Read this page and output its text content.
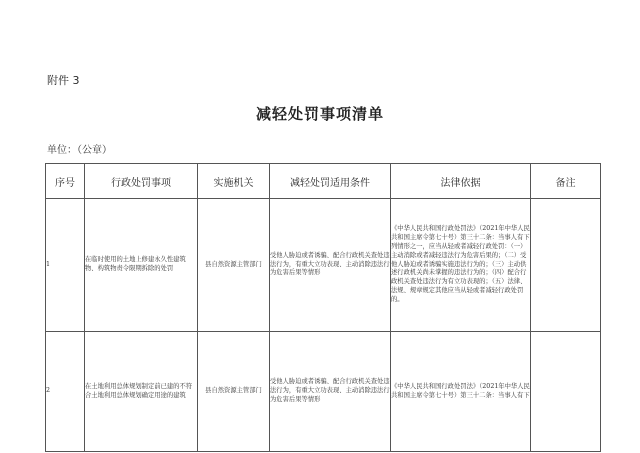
附件 3
减轻处罚事项清单
单位：（公章）
序号	行政处罚事项	实施机关	减轻处罚适用条件	法律依据	备注
1	在临时使用的土地上修建永久性建筑物、构筑物责令限期拆除的处罚	县自然资源主管部门	受他人胁迫或者诱骗、配合行政机关查处违法行为，有重大立功表现、主动消除违法行为危害后果等情形	《中华人民共和国行政处罚法》（2021年中华人民共和国主席令第七十号）第三十二条：当事人有下列情形之一，应当从轻或者减轻行政处罚：（一）主动消除或者减轻违法行为危害后果的；（二）受他人胁迫或者诱骗实施违法行为的；（三）主动供述行政机关尚未掌握的违法行为的；（四）配合行政机关查处违法行为有立功表现的；（五）法律、法规、规章规定其他应当从轻或者减轻行政处罚的。	
2	在土地利用总体规划制定前已建的不符合土地利用总体规划确定用途的建筑	县自然资源主管部门	受他人胁迫或者诱骗、配合行政机关查处违法行为，有重大立功表现、主动消除违法行为危害后果等情形	《中华人民共和国行政处罚法》（2021年中华人民共和国主席令第七十号）第三十二条：当事人有下	
